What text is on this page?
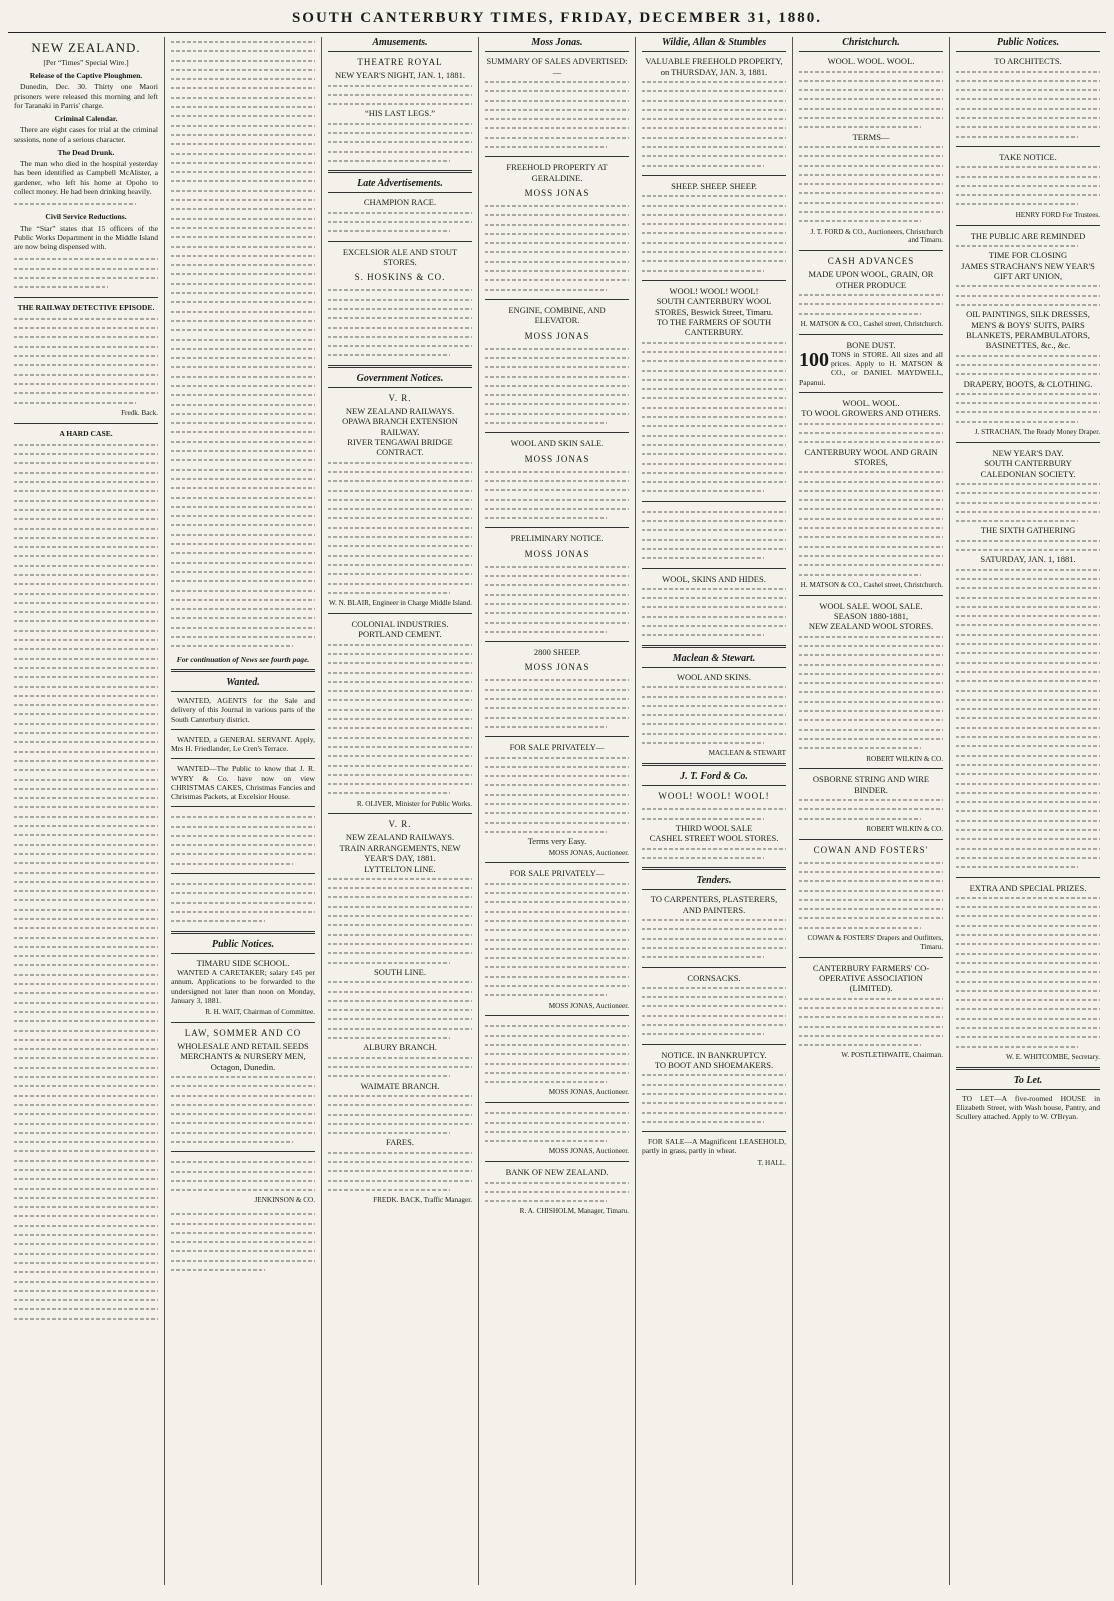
SOUTH CANTERBURY TIMES, FRIDAY, DECEMBER 31, 1880.
NEW ZEALAND.
[Per “Times” Special Wire.]
Release of the Captive Ploughmen.

Dunedin, Dec. 30. Thirty one Maori prisoners were released this morning and left for Taranaki in Parris' charge.

Criminal Calendar.

There are eight cases for trial at the criminal sessions, none of a serious character.

The Dead Drunk.

The man who died in the hospital yesterday has been identified as Campbell McAlister, a gardener, who left his home at Opoho to collect money. He had been drinking heavily.

Civil Service Reductions.

The “Star” states that 15 officers of the Public Works Department in the Middle Island are now being dispensed with.

THE RAILWAY DETECTIVE EPISODE.
Fredk. Back.
A HARD CASE.
For continuation of News see fourth page.
Wanted.

WANTED, AGENTS for the Sale and delivery of this Journal in various parts of the South Canterbury district.

WANTED, a GENERAL SERVANT. Apply, Mrs H. Friedlander, Le Cren's Terrace.

WANTED—The Public to know that J. R. WYRY & Co. have now on view CHRISTMAS CAKES, Christmas Fancies and Christmas Packets, at Excelsior House.

Public Notices.
TIMARU SIDE SCHOOL.

WANTED A CARETAKER; salary £45 per annum. Applications to be forwarded to the undersigned not later than noon on Monday, January 3, 1881.

R. H. WAIT, Chairman of Committee.
LAW, SOMMER AND CO
WHOLESALE AND RETAIL SEEDS MERCHANTS & NURSERY MEN, Octagon, Dunedin.
JENKINSON & CO.
Amusements.
THEATRE ROYAL
NEW YEAR'S NIGHT, JAN. 1, 1881.
“HIS LAST LEGS.”
Late Advertisements.
CHAMPION RACE.
EXCELSIOR ALE AND STOUT STORES.
S. HOSKINS & CO.
Government Notices.
V. R.
NEW ZEALAND RAILWAYS.
OPAWA BRANCH EXTENSION RAILWAY.
RIVER TENGAWAI BRIDGE CONTRACT.
W. N. BLAIR, Engineer in Charge Middle Island.
COLONIAL INDUSTRIES.
PORTLAND CEMENT.
R. OLIVER, Minister for Public Works.
V. R.
NEW ZEALAND RAILWAYS.
TRAIN ARRANGEMENTS, NEW YEAR'S DAY, 1881.
LYTTELTON LINE.
SOUTH LINE.
ALBURY BRANCH.
WAIMATE BRANCH.
FARES.
FREDK. BACK, Traffic Manager.
Moss Jonas.
SUMMARY OF SALES ADVERTISED:—
FREEHOLD PROPERTY AT GERALDINE.
MOSS JONAS
ENGINE, COMBINE, AND ELEVATOR.
MOSS JONAS
WOOL AND SKIN SALE.
MOSS JONAS
PRELIMINARY NOTICE.
MOSS JONAS
2800 SHEEP.
MOSS JONAS
FOR SALE PRIVATELY—
Terms very Easy.
MOSS JONAS, Auctioneer.
FOR SALE PRIVATELY—
MOSS JONAS, Auctioneer.
MOSS JONAS, Auctioneer.
MOSS JONAS, Auctioneer.
BANK OF NEW ZEALAND.
R. A. CHISHOLM, Manager, Timaru.
Wildie, Allan & Stumbles
VALUABLE FREEHOLD PROPERTY, on THURSDAY, JAN. 3, 1881.
SHEEP. SHEEP. SHEEP.
WOOL! WOOL! WOOL!
SOUTH CANTERBURY WOOL STORES, Beswick Street, Timaru.
TO THE FARMERS OF SOUTH CANTERBURY.
WOOL, SKINS AND HIDES.
Maclean & Stewart.
WOOL AND SKINS.
MACLEAN & STEWART
J. T. Ford & Co.
WOOL! WOOL! WOOL!
THIRD WOOL SALE
CASHEL STREET WOOL STORES.
Tenders.
TO CARPENTERS, PLASTERERS, AND PAINTERS.
CORNSACKS.
NOTICE. IN BANKRUPTCY.
TO BOOT AND SHOEMAKERS.

FOR SALE—A Magnificent LEASEHOLD, partly in grass, partly in wheat.

T. HALL.
Christchurch.
WOOL. WOOL. WOOL.
TERMS—
J. T. FORD & CO., Auctioneers, Christchurch and Timaru.
CASH ADVANCES
MADE UPON WOOL, GRAIN, OR OTHER PRODUCE
H. MATSON & CO., Cashel street, Christchurch.
BONE DUST.
100 TONS in STORE. All sizes and all prices. Apply to H. MATSON & CO., or DANIEL MAYDWELL, Papanui.
WOOL. WOOL.
TO WOOL GROWERS AND OTHERS.
CANTERBURY WOOL AND GRAIN STORES,
H. MATSON & CO., Cashel street, Christchurch.
WOOL SALE. WOOL SALE.
SEASON 1880-1881,
NEW ZEALAND WOOL STORES.
ROBERT WILKIN & CO.
OSBORNE STRING AND WIRE BINDER.
ROBERT WILKIN & CO.
COWAN AND FOSTERS'
COWAN & FOSTERS' Drapers and Outfitters, Timaru.
CANTERBURY FARMERS' CO-OPERATIVE ASSOCIATION (LIMITED).
W. POSTLETHWAITE, Chairman.
Public Notices.
TO ARCHITECTS.
TAKE NOTICE.
HENRY FORD For Trustees.
THE PUBLIC ARE REMINDED
TIME FOR CLOSING
JAMES STRACHAN'S NEW YEAR'S GIFT ART UNION,
OIL PAINTINGS, SILK DRESSES, MEN'S & BOYS' SUITS, PAIRS BLANKETS, PERAMBULATORS, BASINETTES, &c., &c.
DRAPERY, BOOTS, & CLOTHING.
J. STRACHAN, The Ready Money Draper.
NEW YEAR'S DAY.
SOUTH CANTERBURY CALEDONIAN SOCIETY.
THE SIXTH GATHERING
SATURDAY, JAN. 1, 1881.
EXTRA AND SPECIAL PRIZES.
W. E. WHITCOMBE, Secretary.
To Let.

TO LET—A five-roomed HOUSE in Elizabeth Street, with Wash house, Pantry, and Scullery attached. Apply to W. O'Bryan.
